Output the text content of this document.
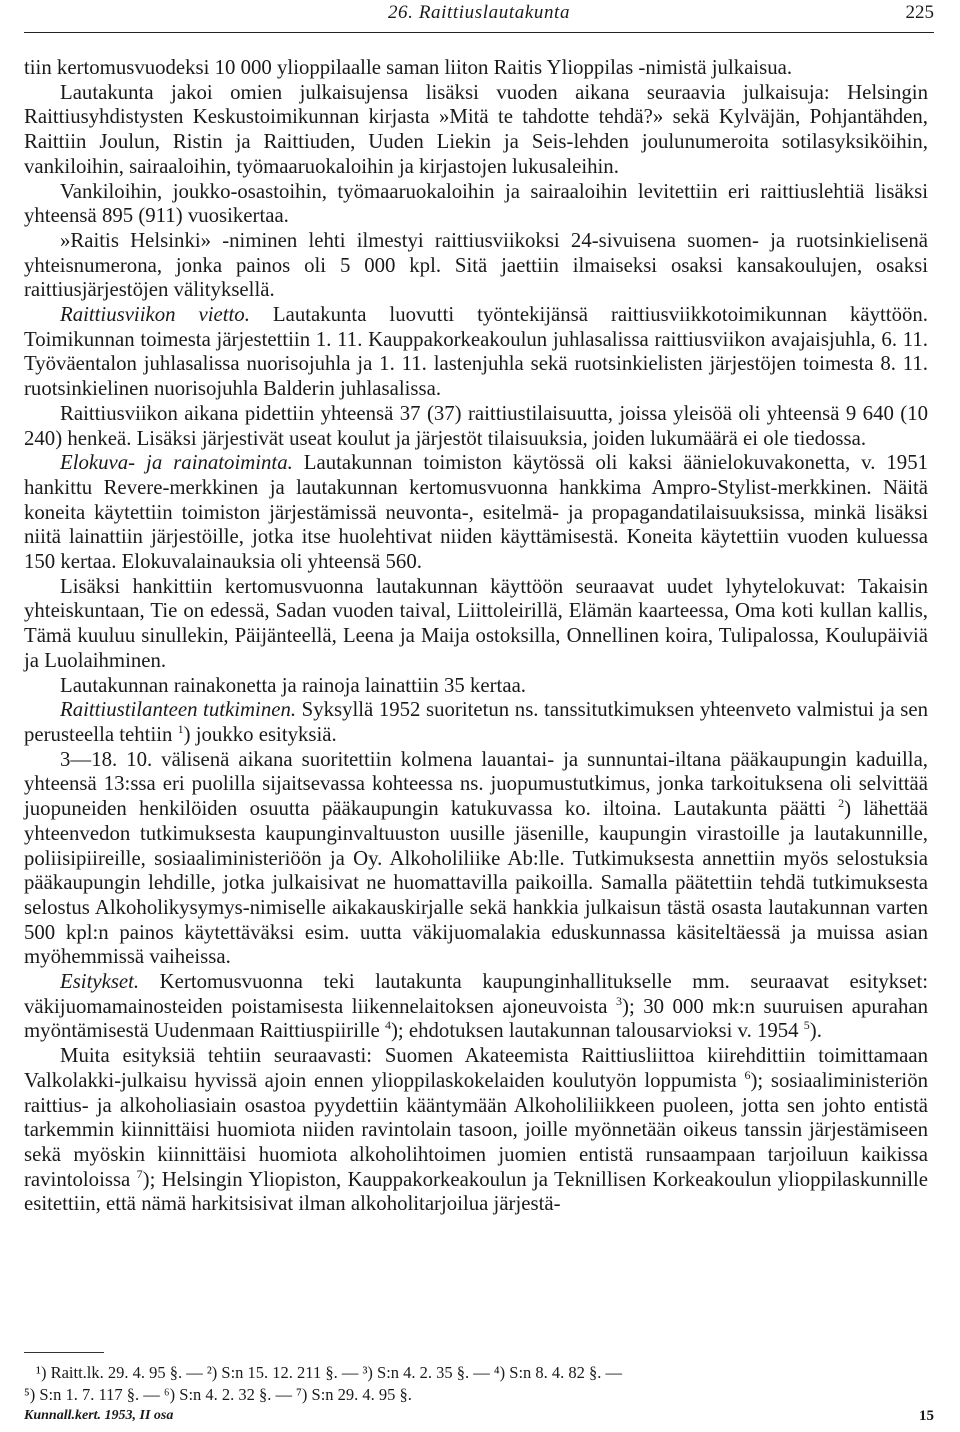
26. Raittiuslautakunta	225

tiin kertomusvuodeksi 10 000 ylioppilaalle saman liiton Raitis Ylioppilas -nimistä julkaisua.

Lautakunta jakoi omien julkaisujensa lisäksi vuoden aikana seuraavia julkaisuja: Helsingin Raittiusyhdistysten Keskustoimikunnan kirjasta »Mitä te tahdotte tehdä?» sekä Kylväjän, Pohjantähden, Raittiin Joulun, Ristin ja Raittiuden, Uuden Liekin ja Seis-lehden joulunumeroita sotilasyksiköihin, vankiloihin, sairaaloihin, työmaaruokaloihin ja kirjastojen lukusaleihin.

Vankiloihin, joukko-osastoihin, työmaaruokaloihin ja sairaaloihin levitettiin eri raittiuslehtiä lisäksi yhteensä 895 (911) vuosikertaa.

»Raitis Helsinki» -niminen lehti ilmestyi raittiusviikoksi 24-sivuisena suomen- ja ruotsinkielisenä yhteisnumerona, jonka painos oli 5 000 kpl. Sitä jaettiin ilmaiseksi osaksi kansakoulujen, osaksi raittiusjärjestöjen välityksellä.

Raittiusviikon vietto. Lautakunta luovutti työntekijänsä raittiusviikkotoimikunnan käyttöön. Toimikunnan toimesta järjestettiin 1. 11. Kauppakorkeakoulun juhlasalissa raittiusviikon avajaisjuhla, 6. 11. Työväentalon juhlasalissa nuorisojuhla ja 1. 11. lastenjuhla sekä ruotsinkielisten järjestöjen toimesta 8. 11. ruotsinkielinen nuorisojuhla Balderin juhlasalissa.

Raittiusviikon aikana pidettiin yhteensä 37 (37) raittiustilaisuutta, joissa yleisöä oli yhteensä 9 640 (10 240) henkeä. Lisäksi järjestivät useat koulut ja järjestöt tilaisuuksia, joiden lukumäärä ei ole tiedossa.

Elokuva- ja rainatoiminta. Lautakunnan toimiston käytössä oli kaksi äänielokuvakonetta, v. 1951 hankittu Revere-merkkinen ja lautakunnan kertomusvuonna hankkima Ampro-Stylist-merkkinen. Näitä koneita käytettiin toimiston järjestämissä neuvonta-, esitelmä- ja propagandatilaisuuksissa, minkä lisäksi niitä lainattiin järjestöille, jotka itse huolehtivat niiden käyttämisestä. Koneita käytettiin vuoden kuluessa 150 kertaa. Elokuvalainauksia oli yhteensä 560.

Lisäksi hankittiin kertomusvuonna lautakunnan käyttöön seuraavat uudet lyhytelokuvat: Takaisin yhteiskuntaan, Tie on edessä, Sadan vuoden taival, Liittoleirillä, Elämän kaarteessa, Oma koti kullan kallis, Tämä kuuluu sinullekin, Päijänteellä, Leena ja Maija ostoksilla, Onnellinen koira, Tulipalossa, Koulupäiviä ja Luolaihminen.

Lautakunnan rainakonetta ja rainoja lainattiin 35 kertaa.

Raittiustilanteen tutkiminen. Syksyllä 1952 suoritetun ns. tanssitutkimuksen yhteenveto valmistui ja sen perusteella tehtiin $^1$) joukko esityksiä.

3—18. 10. välisenä aikana suoritettiin kolmena lauantai- ja sunnuntai-iltana pääkaupungin kaduilla, yhteensä 13:ssa eri puolilla sijaitsevassa kohteessa ns. juopumustutkimus, jonka tarkoituksena oli selvittää juopuneiden henkilöiden osuutta pääkaupungin katukuvassa ko. iltoina. Lautakunta päätti $^2$) lähettää yhteenvedon tutkimuksesta kaupunginvaltuuston uusille jäsenille, kaupungin virastoille ja lautakunnille, poliisipiireille, sosiaaliministeriöön ja Oy. Alkoholiliike Ab:lle. Tutkimuksesta annettiin myös selostuksia pääkaupungin lehdille, jotka julkaisivat ne huomattavilla paikoilla. Samalla päätettiin tehdä tutkimuksesta selostus Alkoholikysymys-nimiselle aikakauskirjalle sekä hankkia julkaisun tästä osasta lautakunnan varten 500 kpl:n painos käytettäväksi esim. uutta väkijuomalakia eduskunnassa käsiteltäessä ja muissa asian myöhemmissä vaiheissa.

Esitykset. Kertomusvuonna teki lautakunta kaupunginhallitukselle mm. seuraavat esitykset: väkijuomamainosteiden poistamisesta liikennelaitoksen ajoneuvoista $^3$); 30 000 mk:n suuruisen apurahan myöntämisestä Uudenmaan Raittiuspiirille $^4$); ehdotuksen lautakunnan talousarvioksi v. 1954 $^5$).

Muita esityksiä tehtiin seuraavasti: Suomen Akateemista Raittiusliittoa kiirehdittiin toimittamaan Valkolakki-julkaisu hyvissä ajoin ennen ylioppilaskokelaiden koulutyön loppumista $^6$); sosiaaliministeriön raittius- ja alkoholiasiain osastoa pyydettiin kääntymään Alkoholiliikkeen puoleen, jotta sen johto entistä tarkemmin kiinnittäisi huomiota niiden ravintolain tasoon, joille myönnetään oikeus tanssin järjestämiseen sekä myöskin kiinnittäisi huomiota alkoholihtoimen juomien entistä runsaampaan tarjoiluun kaikissa ravintoloissa $^7$); Helsingin Yliopiston, Kauppakorkeakoulun ja Teknillisen Korkeakoulun ylioppilaskunnille esitettiin, että nämä harkitsisivat ilman alkoholitarjoilua järjestä-

¹) Raitt.lk. 29. 4. 95 §. — ²) S:n 15. 12. 211 §. — ³) S:n 4. 2. 35 §. — ⁴) S:n 8. 4. 82 §. —
⁵) S:n 1. 7. 117 §. — ⁶) S:n 4. 2. 32 §. — ⁷) S:n 29. 4. 95 §.
Kunnall.kert. 1953, II osa	15
